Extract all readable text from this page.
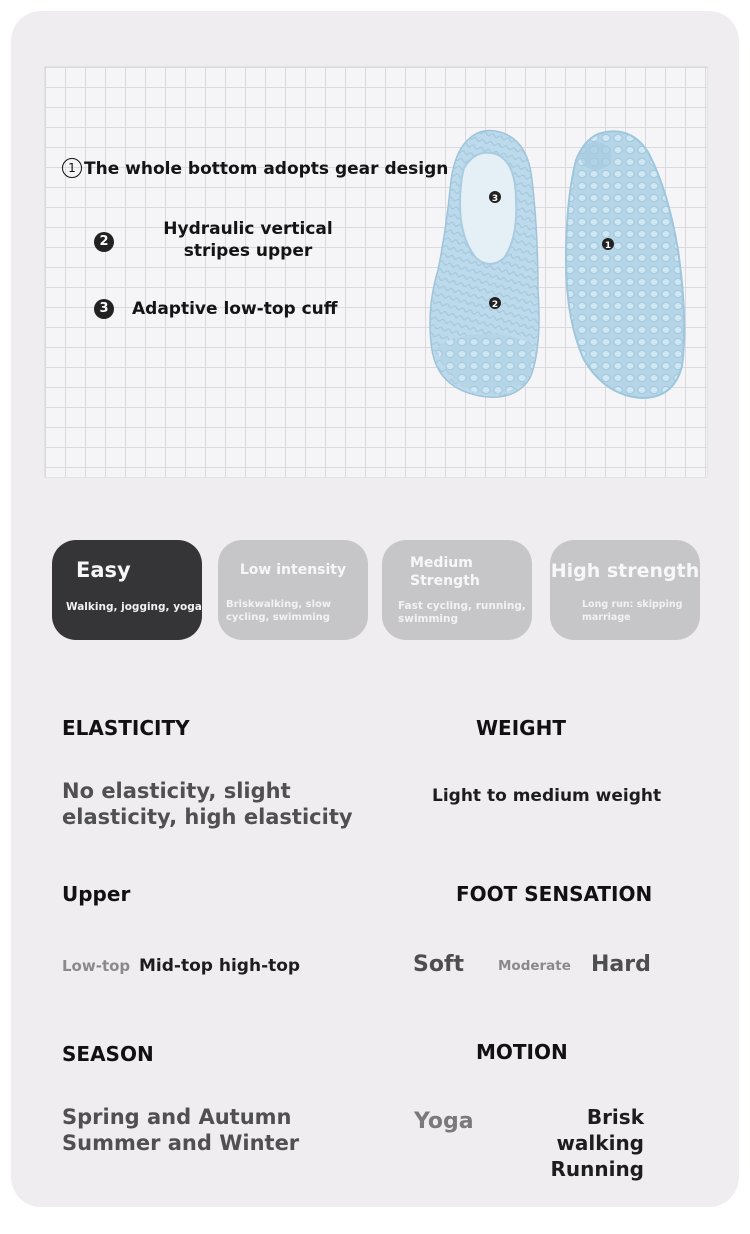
1 The whole bottom adopts gear design
2
Hydraulic vertical
stripes upper
3 Adaptive low-top cuff
3
2
1
Easy
Walking, jogging, yoga
Low intensity
Briskwalking, slow
cycling, swimming
Medium
Strength
Fast cycling, running,
swimming
High strength
Long run: skipping
marriage
ELASTICITY	WEIGHT
No elasticity, slight
elasticity, high elasticity
Light to medium weight
Upper	FOOT SENSATION
Low-top Mid-top high-top	Soft	Moderate Hard
SEASON	MOTION
Spring and Autumn
Summer and Winter
Yoga	Brisk walking
Running
